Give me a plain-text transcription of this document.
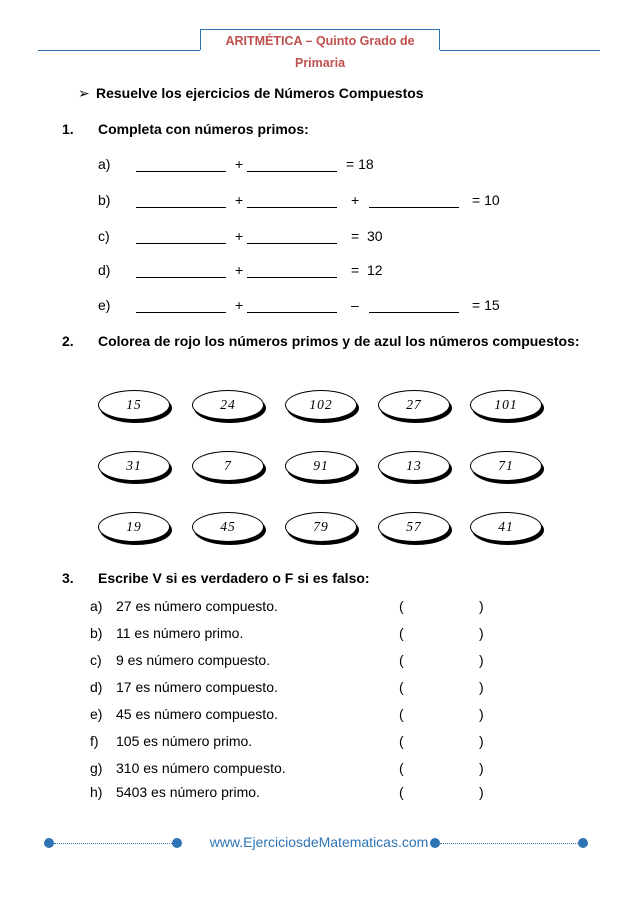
ARITMÉTICA – Quinto Grado de Primaria
➢ Resuelve los ejercicios de Números Compuestos
1. Completa con números primos:
a)	+	= 18
b)	+	+	= 10
c)	+	=  30
d)	+	=  12
e)	+	–	= 15
2. Colorea de rojo los números primos y de azul los números compuestos:
15	24	102	27	101
31	7	91	13	71
19	45	79	57	41
3. Escribe V si es verdadero o F si es falso:
a) 27 es número compuesto.	(	)
b) 11 es número primo.	(	)
c) 9 es número compuesto.	(	)
d) 17 es número compuesto.	(	)
e) 45 es número compuesto.	(	)
f) 105 es número primo.	(	)
g) 310 es número compuesto.	(	)
h) 5403 es número primo.	(	)
www.EjerciciosdeMatematicas.com
